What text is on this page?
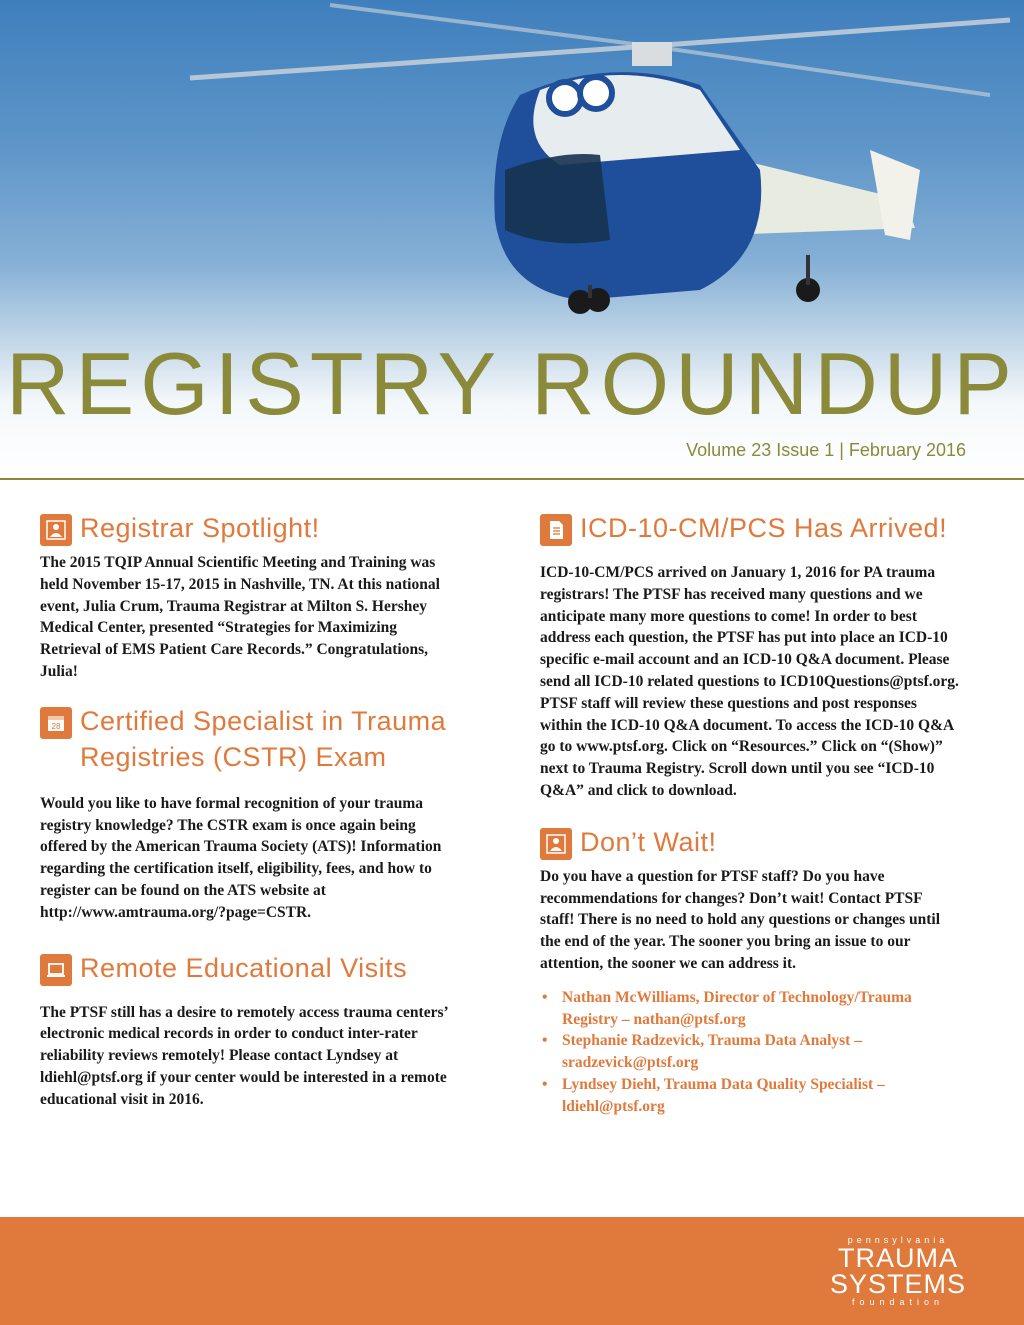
REGISTRY ROUNDUP
Volume 23 Issue 1 | February 2016
Registrar Spotlight!

The 2015 TQIP Annual Scientific Meeting and Training was held November 15-17, 2015 in Nashville, TN. At this national event, Julia Crum, Trauma Registrar at Milton S. Hershey Medical Center, presented “Strategies for Maximizing Retrieval of EMS Patient Care Records.” Congratulations, Julia!

28 Certified Specialist in Trauma
Registries (CSTR) Exam

Would you like to have formal recognition of your trauma registry knowledge? The CSTR exam is once again being offered by the American Trauma Society (ATS)! Information regarding the certification itself, eligibility, fees, and how to register can be found on the ATS website at http://www.amtrauma.org/?page=CSTR.

Remote Educational Visits

The PTSF still has a desire to remotely access trauma centers’ electronic medical records in order to conduct inter-rater reliability reviews remotely! Please contact Lyndsey at ldiehl@ptsf.org if your center would be interested in a remote educational visit in 2016.

ICD-10-CM/PCS Has Arrived!

ICD-10-CM/PCS arrived on January 1, 2016 for PA trauma registrars! The PTSF has received many questions and we anticipate many more questions to come! In order to best address each question, the PTSF has put into place an ICD-10 specific e-mail account and an ICD-10 Q&A document. Please send all ICD-10 related questions to ICD10Questions@ptsf.org. PTSF staff will review these questions and post responses within the ICD-10 Q&A document. To access the ICD-10 Q&A go to www.ptsf.org. Click on “Resources.” Click on “(Show)” next to Trauma Registry. Scroll down until you see “ICD-10 Q&A” and click to download.

Don’t Wait!

Do you have a question for PTSF staff? Do you have recommendations for changes? Don’t wait! Contact PTSF staff! There is no need to hold any questions or changes until the end of the year. The sooner you bring an issue to our attention, the sooner we can address it.

• Nathan McWilliams, Director of Technology/Trauma Registry – nathan@ptsf.org
• Stephanie Radzevick, Trauma Data Analyst – sradzevick@ptsf.org
• Lyndsey Diehl, Trauma Data Quality Specialist – ldiehl@ptsf.org
pennsylvania
TRAUMA
SYSTEMS
foundation
